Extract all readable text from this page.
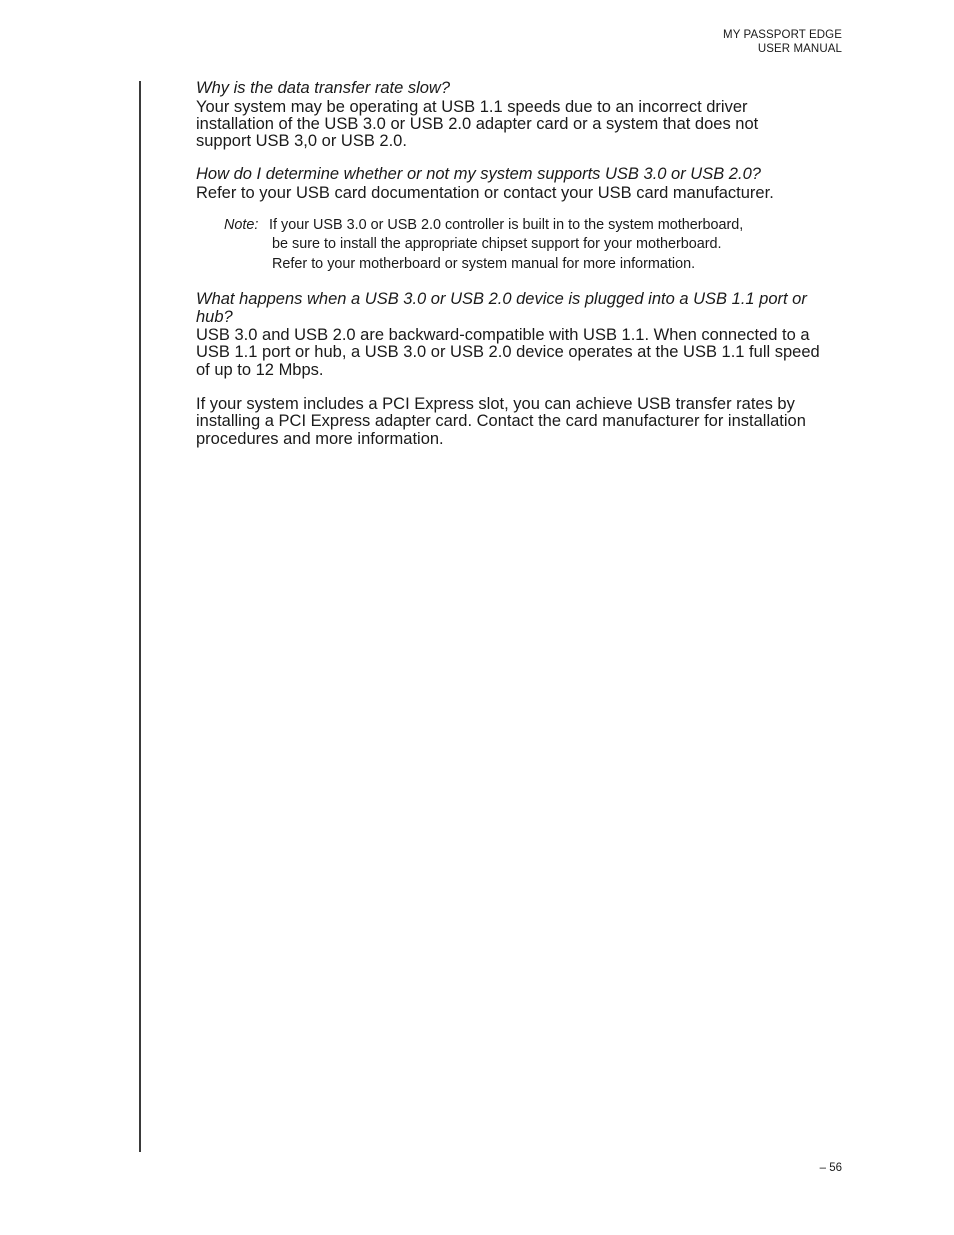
MY PASSPORT EDGE
USER MANUAL

Why is the data transfer rate slow?

Your system may be operating at USB 1.1 speeds due to an incorrect driver
installation of the USB 3.0 or USB 2.0 adapter card or a system that does not
support USB 3,0 or USB 2.0.

How do I determine whether or not my system supports USB 3.0 or USB 2.0?

Refer to your USB card documentation or contact your USB card manufacturer.

Note: If your USB 3.0 or USB 2.0 controller is built in to the system motherboard,
be sure to install the appropriate chipset support for your motherboard.
Refer to your motherboard or system manual for more information.

What happens when a USB 3.0 or USB 2.0 device is plugged into a USB 1.1 port or
hub?

USB 3.0 and USB 2.0 are backward-compatible with USB 1.1. When connected to a
USB 1.1 port or hub, a USB 3.0 or USB 2.0 device operates at the USB 1.1 full speed
of up to 12 Mbps.

If your system includes a PCI Express slot, you can achieve USB transfer rates by
installing a PCI Express adapter card. Contact the card manufacturer for installation
procedures and more information.

– 56
